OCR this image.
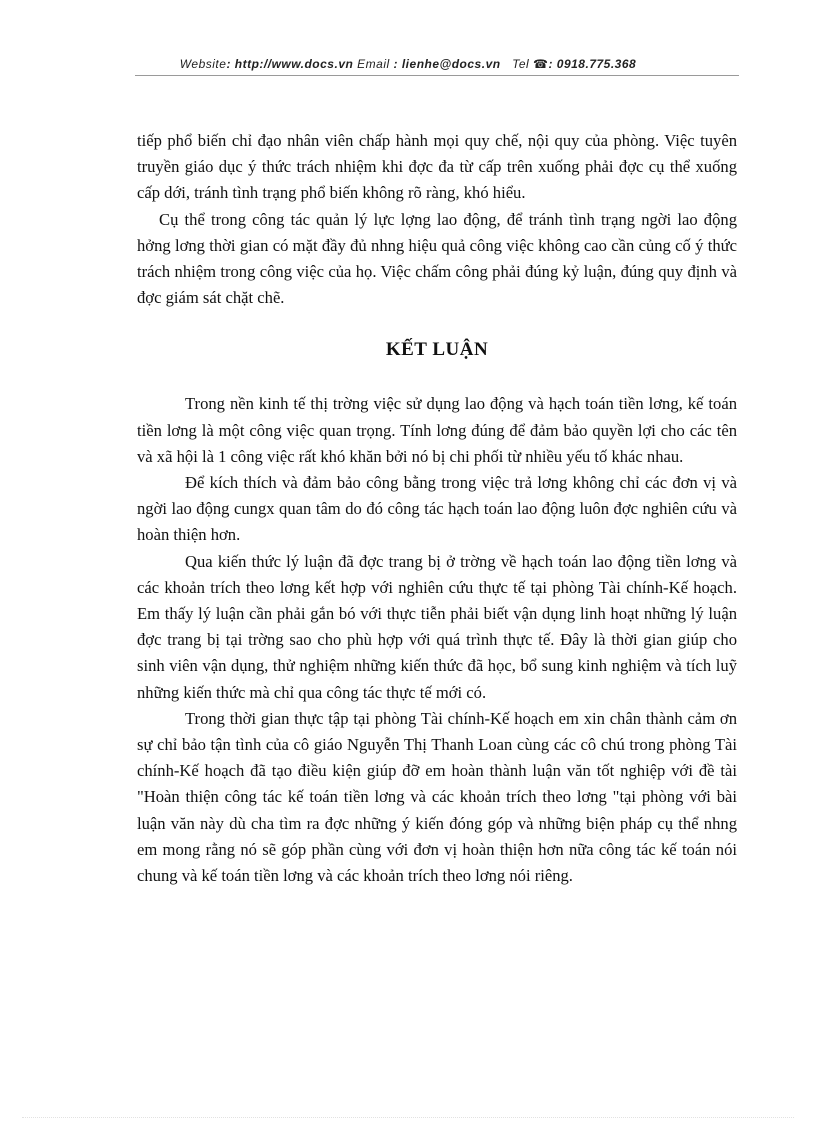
Website: http://www.docs.vn Email : lienhe@docs.vn Tel ☎: 0918.775.368

tiếp phổ biến chỉ đạo nhân viên chấp hành mọi quy chế, nội quy của phòng. Việc tuyên truyền giáo dục ý thức trách nhiệm khi đợc đa từ cấp trên xuống phải đợc cụ thể xuống cấp dới, tránh tình trạng phổ biến không rõ ràng, khó hiểu.

Cụ thể trong công tác quản lý lực lợng lao động, để tránh tình trạng ngời lao động hởng lơng thời gian có mặt đầy đủ nhng hiệu quả công việc không cao cần củng cố ý thức trách nhiệm trong công việc của họ. Việc chấm công phải đúng kỷ luận, đúng quy định và đợc giám sát chặt chẽ.

KẾT LUẬN

Trong nền kinh tế thị trờng việc sử dụng lao động và hạch toán tiền lơng, kế toán tiền lơng là một công việc quan trọng. Tính lơng đúng để đảm bảo quyền lợi cho các tên và xã hội là 1 công việc rất khó khăn bởi nó bị chi phối từ nhiều yếu tố khác nhau.

Để kích thích và đảm bảo công bằng trong việc trả lơng không chỉ các đơn vị và ngời lao động cungx quan tâm do đó công tác hạch toán lao động luôn đợc nghiên cứu và hoàn thiện hơn.

Qua kiến thức lý luận đã đợc trang bị ở trờng về hạch toán lao động tiền lơng và các khoản trích theo lơng kết hợp với nghiên cứu thực tế tại phòng Tài chính-Kế hoạch. Em thấy lý luận cần phải gắn bó với thực tiễn phải biết vận dụng linh hoạt những lý luận đợc trang bị tại trờng sao cho phù hợp với quá trình thực tế. Đây là thời gian giúp cho sinh viên vận dụng, thử nghiệm những kiến thức đã học, bổ sung kinh nghiệm và tích luỹ những kiến thức mà chỉ qua công tác thực tế mới có.

Trong thời gian thực tập tại phòng Tài chính-Kế hoạch em xin chân thành cảm ơn sự chỉ bảo tận tình của cô giáo Nguyễn Thị Thanh Loan cùng các cô chú trong phòng Tài chính-Kế hoạch đã tạo điều kiện giúp đỡ em hoàn thành luận văn tốt nghiệp với đề tài "Hoàn thiện công tác kế toán tiền lơng và các khoản trích theo lơng "tại phòng với bài luận văn này dù cha tìm ra đợc những ý kiến đóng góp và những biện pháp cụ thể nhng em mong rằng nó sẽ góp phần cùng với đơn vị hoàn thiện hơn nữa công tác kế toán nói chung và kế toán tiền lơng và các khoản trích theo lơng nói riêng.
